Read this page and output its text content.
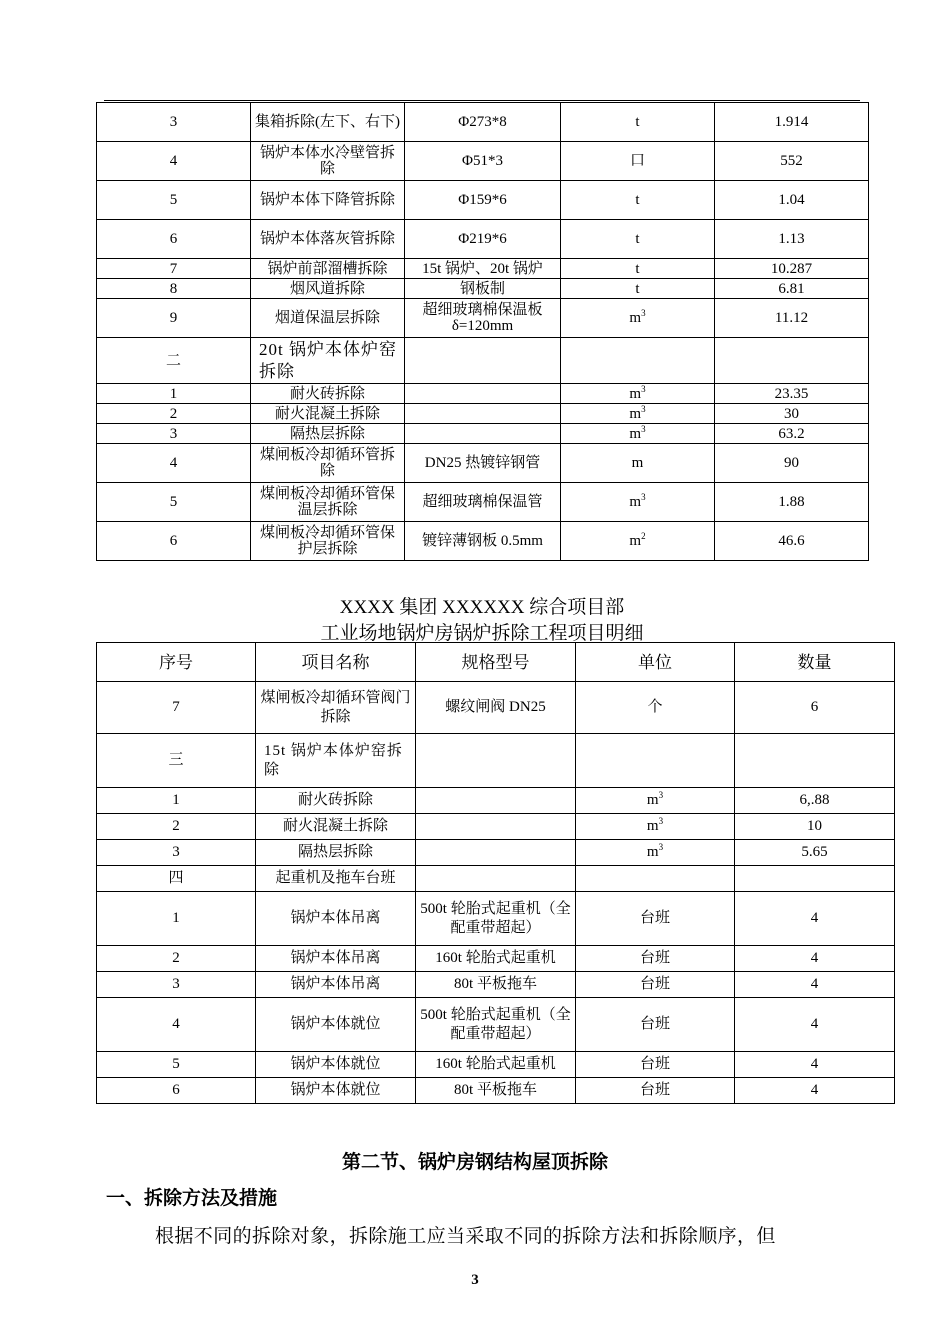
3	集箱拆除(左下、右下)	Φ273*8	t	1.914
4	锅炉本体水冷壁管拆除	Φ51*3	口	552
5	锅炉本体下降管拆除	Φ159*6	t	1.04
6	锅炉本体落灰管拆除	Φ219*6	t	1.13
7	锅炉前部溜槽拆除	15t 锅炉、20t 锅炉	t	10.287
8	烟风道拆除	钢板制	t	6.81
9	烟道保温层拆除	超细玻璃棉保温板 δ=120mm	$m^3$	11.12
二	20t 锅炉本体炉窑拆除			
1	耐火砖拆除		$m^3$	23.35
2	耐火混凝土拆除		$m^3$	30
3	隔热层拆除		$m^3$	63.2
4	煤闸板冷却循环管拆除	DN25 热镀锌钢管	m	90
5	煤闸板冷却循环管保温层拆除	超细玻璃棉保温管	$m^3$	1.88
6	煤闸板冷却循环管保护层拆除	镀锌薄钢板 0.5mm	$m^2$	46.6
XXXX 集团 XXXXXX 综合项目部
工业场地锅炉房锅炉拆除工程项目明细
序号	项目名称	规格型号	单位	数量
7	煤闸板冷却循环管阀门拆除	螺纹闸阀 DN25	个	6
三	15t 锅炉本体炉窑拆除			
1	耐火砖拆除		$m^3$	6,.88
2	耐火混凝土拆除		$m^3$	10
3	隔热层拆除		$m^3$	5.65
四	起重机及拖车台班			
1	锅炉本体吊离	500t 轮胎式起重机（全配重带超起）	台班	4
2	锅炉本体吊离	160t 轮胎式起重机	台班	4
3	锅炉本体吊离	80t 平板拖车	台班	4
4	锅炉本体就位	500t 轮胎式起重机（全配重带超起）	台班	4
5	锅炉本体就位	160t 轮胎式起重机	台班	4
6	锅炉本体就位	80t 平板拖车	台班	4
第二节、锅炉房钢结构屋顶拆除
一、拆除方法及措施
根据不同的拆除对象，拆除施工应当采取不同的拆除方法和拆除顺序，但
3
